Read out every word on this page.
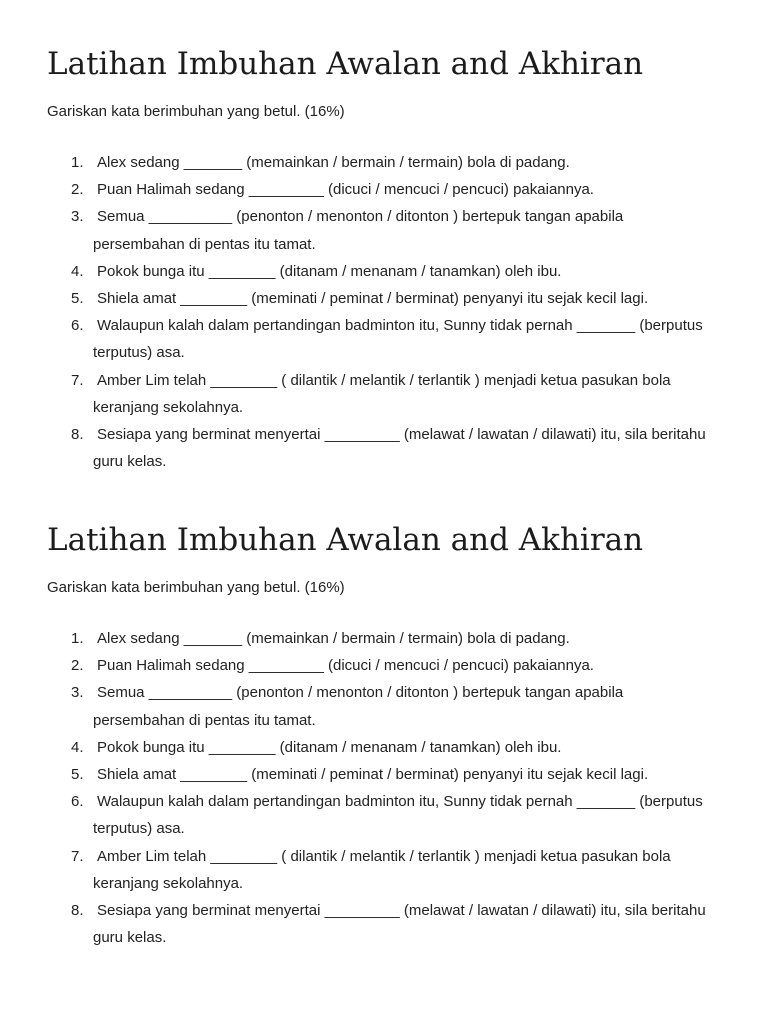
Latihan Imbuhan Awalan and Akhiran

Gariskan kata berimbuhan yang betul. (16%)

1. Alex sedang _______ (memainkan / bermain / termain) bola di padang.
2. Puan Halimah sedang _________ (dicuci / mencuci / pencuci) pakaiannya.
3. Semua __________ (penonton / menonton / ditonton ) bertepuk tangan apabila
persembahan di pentas itu tamat.
4. Pokok bunga itu ________ (ditanam / menanam / tanamkan) oleh ibu.
5. Shiela amat ________ (meminati / peminat / berminat) penyanyi itu sejak kecil lagi.
6. Walaupun kalah dalam pertandingan badminton itu, Sunny tidak pernah _______ (berputus
terputus) asa.
7. Amber Lim telah ________ ( dilantik / melantik / terlantik ) menjadi ketua pasukan bola
keranjang sekolahnya.
8. Sesiapa yang berminat menyertai _________ (melawat / lawatan / dilawati) itu, sila beritahu
guru kelas.
Latihan Imbuhan Awalan and Akhiran

Gariskan kata berimbuhan yang betul. (16%)

1. Alex sedang _______ (memainkan / bermain / termain) bola di padang.
2. Puan Halimah sedang _________ (dicuci / mencuci / pencuci) pakaiannya.
3. Semua __________ (penonton / menonton / ditonton ) bertepuk tangan apabila
persembahan di pentas itu tamat.
4. Pokok bunga itu ________ (ditanam / menanam / tanamkan) oleh ibu.
5. Shiela amat ________ (meminati / peminat / berminat) penyanyi itu sejak kecil lagi.
6. Walaupun kalah dalam pertandingan badminton itu, Sunny tidak pernah _______ (berputus
terputus) asa.
7. Amber Lim telah ________ ( dilantik / melantik / terlantik ) menjadi ketua pasukan bola
keranjang sekolahnya.
8. Sesiapa yang berminat menyertai _________ (melawat / lawatan / dilawati) itu, sila beritahu
guru kelas.
